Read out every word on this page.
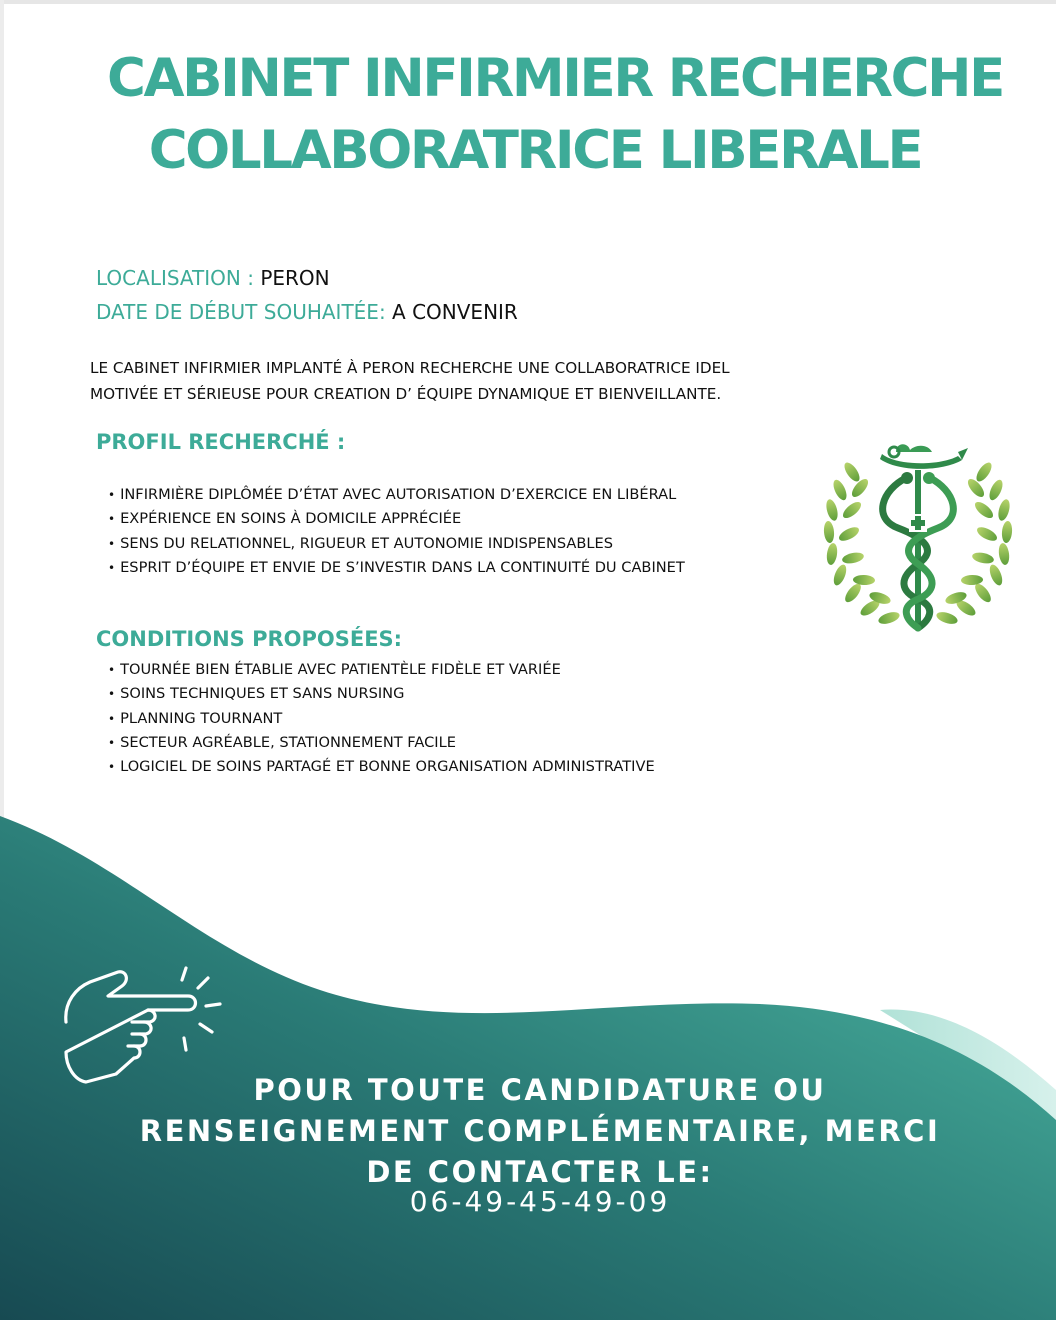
CABINET INFIRMIER RECHERCHE
COLLABORATRICE LIBERALE
LOCALISATION : PERON
DATE DE DÉBUT SOUHAITÉE: A CONVENIR

LE CABINET INFIRMIER IMPLANTÉ À PERON RECHERCHE UNE COLLABORATRICE IDEL
MOTIVÉE ET SÉRIEUSE POUR CREATION D’ ÉQUIPE DYNAMIQUE ET BIENVEILLANTE.

PROFIL RECHERCHÉ :
• INFIRMIÈRE DIPLÔMÉE D’ÉTAT AVEC AUTORISATION D’EXERCICE EN LIBÉRAL
• EXPÉRIENCE EN SOINS À DOMICILE APPRÉCIÉE
• SENS DU RELATIONNEL, RIGUEUR ET AUTONOMIE INDISPENSABLES
• ESPRIT D’ÉQUIPE ET ENVIE DE S’INVESTIR DANS LA CONTINUITÉ DU CABINET
CONDITIONS PROPOSÉES:
• TOURNÉE BIEN ÉTABLIE AVEC PATIENTÈLE FIDÈLE ET VARIÉE
• SOINS TECHNIQUES ET SANS NURSING
• PLANNING TOURNANT
• SECTEUR AGRÉABLE, STATIONNEMENT FACILE
• LOGICIEL DE SOINS PARTAGÉ ET BONNE ORGANISATION ADMINISTRATIVE

POUR TOUTE CANDIDATURE OU
RENSEIGNEMENT COMPLÉMENTAIRE, MERCI
DE CONTACTER LE:

06-49-45-49-09
